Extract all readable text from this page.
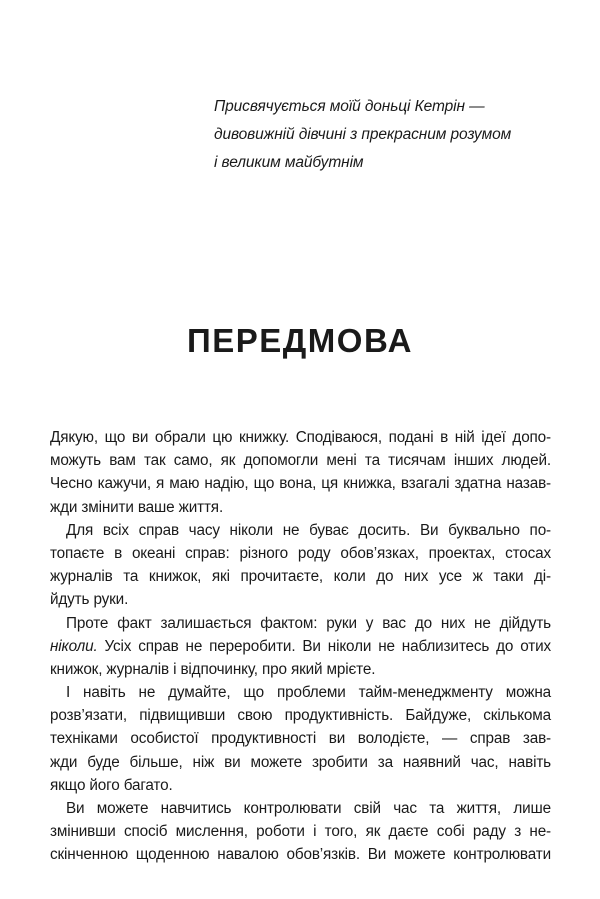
Присвячується моїй доньці Кетрін —
дивовижній дівчині з прекрасним розумом
і великим майбутнім
ПЕРЕДМОВА
Дякую, що ви обрали цю книжку. Сподіваюся, подані в ній ідеї допо-
можуть вам так само, як допомогли мені та тисячам інших людей.
Чесно кажучи, я маю надію, що вона, ця книжка, взагалі здатна назав-
жди змінити ваше життя.
Для всіх справ часу ніколи не буває досить. Ви буквально по-
топаєте в океані справ: різного роду обов’язках, проектах, стосах
журналів та книжок, які прочитаєте, коли до них усе ж таки ді-
йдуть руки.
Проте факт залишається фактом: руки у вас до них не дійдуть
ніколи. Усіх справ не переробити. Ви ніколи не наблизитесь до отих
книжок, журналів і відпочинку, про який мрієте.
І навіть не думайте, що проблеми тайм-менеджменту можна
розв’язати, підвищивши свою продуктивність. Байдуже, скількома
техніками особистої продуктивності ви володієте, — справ зав-
жди буде більше, ніж ви можете зробити за наявний час, навіть
якщо його багато.
Ви можете навчитись контролювати свій час та життя, лише
змінивши спосіб мислення, роботи і того, як даєте собі раду з не-
скінченною щоденною навалою обов’язків. Ви можете контролювати
